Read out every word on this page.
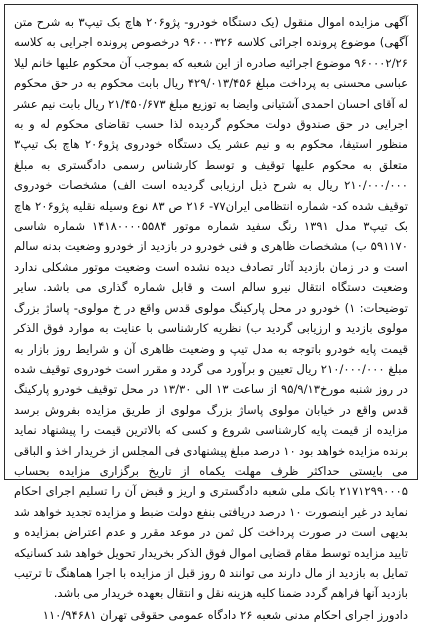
آگهی مزایده اموال منقول (یک دستگاه خودرو- پژو۲۰۶ هاچ بک تیپ۳ به شرح متن آگهی) موضوع پرونده اجرائی کلاسه ۹۶۰۰۰۳۲۶ درخصوص پرونده اجرایی به کلاسه ۹۶۰۰۰۲/۲۶ موضوع اجرائیه صادره از این شعبه که بموجب آن محکوم علیها خانم لیلا عباسی محسنی به پرداخت مبلغ ۴۲۹/۰۱۳/۴۵۶ ریال بابت محکوم به در حق محکوم له آقای احسان احمدی آشتیانی وایضا به توزیع مبلغ ۲۱/۴۵۰/۶۷۳ ریال بابت نیم عشر اجرایی در حق صندوق دولت محکوم گردیده لذا حسب تقاضای محکوم له و به منظور استیفا، محکوم به و نیم عشر یک دستگاه خودروی پژو۲۰۶ هاچ بک تیپ۳ متعلق به محکوم علیها توقیف و توسط کارشناس رسمی دادگستری به مبلغ ۲۱۰/۰۰۰/۰۰۰ ریال به شرح ذیل ارزیابی گردیده است الف) مشخصات خودروی توقیف شده کد- شماره انتظامی ایران۷۷- ۲۱۶ ص ۸۳ نوع وسیله نقلیه پژو۲۰۶ هاچ بک تیپ۳ مدل ۱۳۹۱ رنگ سفید شماره موتور ۱۴۱۸۰۰۰۰۵۵۸۴ شماره شاسی ۵۹۱۱۷۰ ب) مشخصات ظاهری و فنی خودرو در بازدید از خودرو وضعیت بدنه سالم است و در زمان بازدید آثار تصادف دیده نشده است وضعیت موتور مشکلی ندارد وضعیت دستگاه انتقال نیرو سالم است و قابل شماره گذاری می باشد. سایر توضیحات: ۱) خودرو در محل پارکینگ مولوی قدس واقع در خ مولوی- پاساژ بزرگ مولوی بازدید و ارزیابی گردید ب) نظریه کارشناسی با عنایت به موارد فوق الذکر قیمت پایه خودرو باتوجه به مدل تیپ و وضعیت ظاهری آن و شرایط روز بازار به مبلغ ۲۱۰/۰۰۰/۰۰۰ ریال تعیین و برآورد می گردد و مقرر است خودروی توقیف شده در روز شنبه مورخ۹۵/۹/۱۳ از ساعت ۱۳ الی ۱۳/۳۰ در محل توقیف خودرو پارکینگ قدس واقع در خیابان مولوی پاساژ بزرگ مولوی از طریق مزایده بفروش برسد مزایده از قیمت پایه کارشناسی شروع و کسی که بالاترین قیمت را پیشنهاد نماید برنده مزایده خواهد بود ۱۰ درصد مبلغ پیشنهادی فی المجلس از خریدار اخذ و الباقی می بایستی حداکثر ظرف مهلت یکماه از تاریخ برگزاری مزایده بحساب ۲۱۷۱۲۹۹۰۰۰۵ بانک ملی شعبه دادگستری و اریز و قبض آن را تسلیم اجرای احکام نماید در غیر اینصورت ۱۰ درصد دریافتی بنفع دولت ضبط و مزایده تجدید خواهد شد بدیهی است در صورت پرداخت کل ثمن در موعد مقرر و عدم اعتراض بمزایده و تایید مزایده توسط مقام قضایی اموال فوق الذکر بخریدار تحویل خواهد شد کسانیکه تمایل به بازدید از مال دارند می توانند ۵ روز قبل از مزایده با اجرا هماهنگ تا ترتیب بازدید آنها فراهم گردد ضمنا کلیه هزینه نقل و انتقال بعهده خریدار می باشد.

دادورز اجرای احکام مدنی شعبه ۲۶ دادگاه عمومی حقوقی تهران ۱۱۰/۹۴۶۸۱
